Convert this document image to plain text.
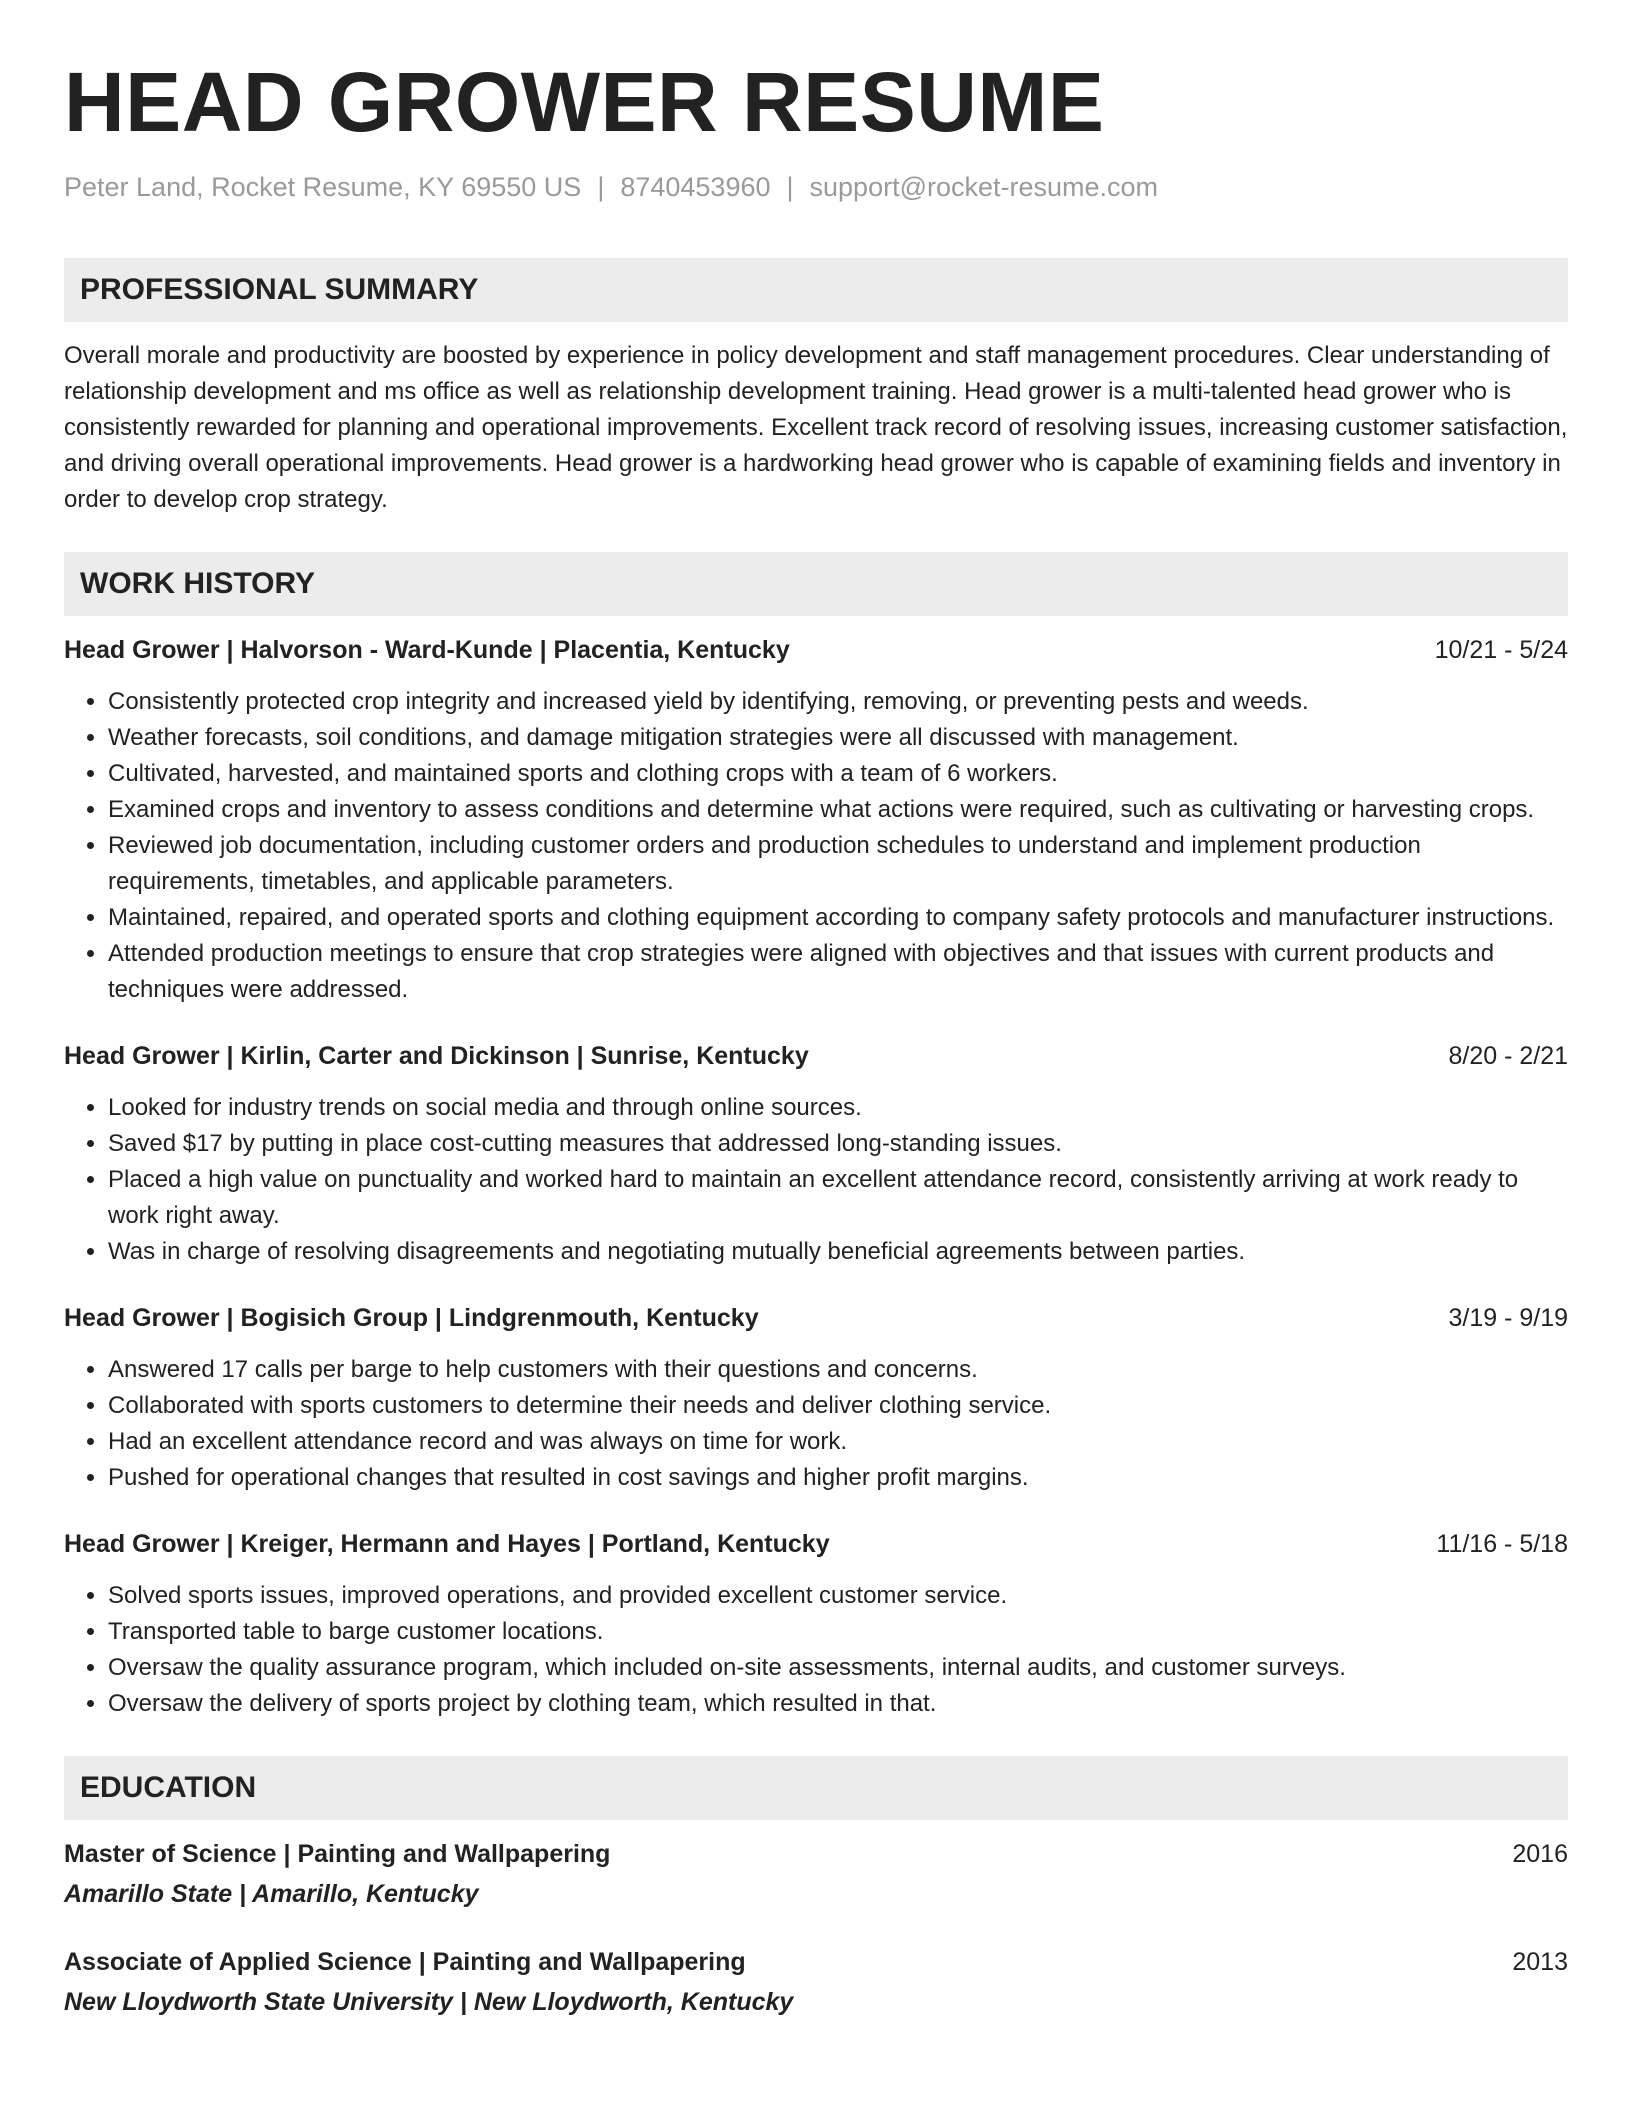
HEAD GROWER RESUME
Peter Land, Rocket Resume, KY 69550 US | 8740453960 | support@rocket-resume.com
PROFESSIONAL SUMMARY
Overall morale and productivity are boosted by experience in policy development and staff management procedures. Clear understanding of relationship development and ms office as well as relationship development training. Head grower is a multi-talented head grower who is consistently rewarded for planning and operational improvements. Excellent track record of resolving issues, increasing customer satisfaction, and driving overall operational improvements. Head grower is a hardworking head grower who is capable of examining fields and inventory in order to develop crop strategy.
WORK HISTORY
Head Grower | Halvorson - Ward-Kunde | Placentia, Kentucky	10/21 - 5/24
• Consistently protected crop integrity and increased yield by identifying, removing, or preventing pests and weeds.
• Weather forecasts, soil conditions, and damage mitigation strategies were all discussed with management.
• Cultivated, harvested, and maintained sports and clothing crops with a team of 6 workers.
• Examined crops and inventory to assess conditions and determine what actions were required, such as cultivating or harvesting crops.
• Reviewed job documentation, including customer orders and production schedules to understand and implement production requirements, timetables, and applicable parameters.
• Maintained, repaired, and operated sports and clothing equipment according to company safety protocols and manufacturer instructions.
• Attended production meetings to ensure that crop strategies were aligned with objectives and that issues with current products and techniques were addressed.
Head Grower | Kirlin, Carter and Dickinson | Sunrise, Kentucky	8/20 - 2/21
• Looked for industry trends on social media and through online sources.
• Saved $17 by putting in place cost-cutting measures that addressed long-standing issues.
• Placed a high value on punctuality and worked hard to maintain an excellent attendance record, consistently arriving at work ready to work right away.
• Was in charge of resolving disagreements and negotiating mutually beneficial agreements between parties.
Head Grower | Bogisich Group | Lindgrenmouth, Kentucky	3/19 - 9/19
• Answered 17 calls per barge to help customers with their questions and concerns.
• Collaborated with sports customers to determine their needs and deliver clothing service.
• Had an excellent attendance record and was always on time for work.
• Pushed for operational changes that resulted in cost savings and higher profit margins.
Head Grower | Kreiger, Hermann and Hayes | Portland, Kentucky	11/16 - 5/18
• Solved sports issues, improved operations, and provided excellent customer service.
• Transported table to barge customer locations.
• Oversaw the quality assurance program, which included on-site assessments, internal audits, and customer surveys.
• Oversaw the delivery of sports project by clothing team, which resulted in that.
EDUCATION
Master of Science | Painting and Wallpapering	2016
Amarillo State | Amarillo, Kentucky
Associate of Applied Science | Painting and Wallpapering	2013
New Lloydworth State University | New Lloydworth, Kentucky
